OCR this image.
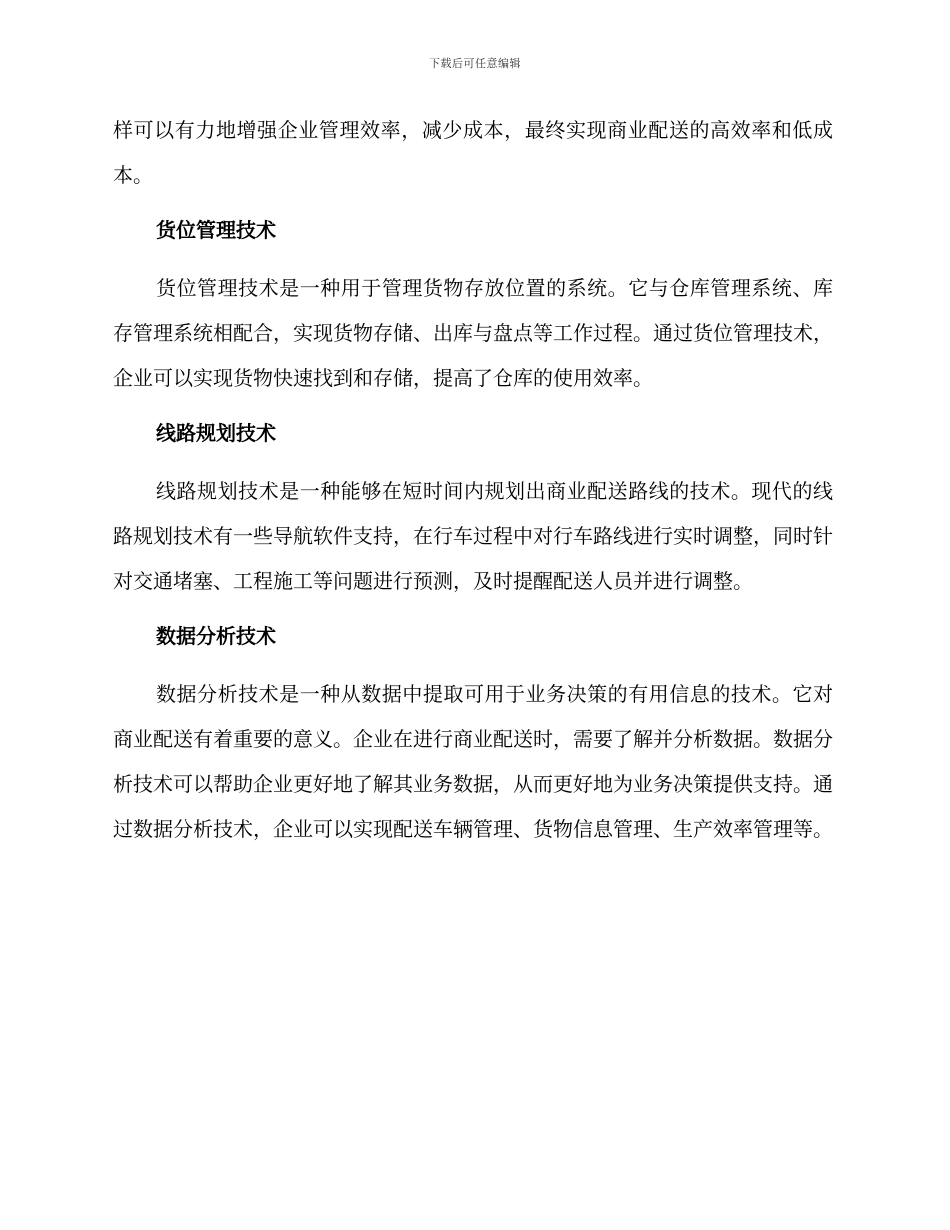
下载后可任意编辑

样可以有力地增强企业管理效率，减少成本，最终实现商业配送的高效率和低成本。

货位管理技术

货位管理技术是一种用于管理货物存放位置的系统。它与仓库管理系统、库存管理系统相配合，实现货物存储、出库与盘点等工作过程。通过货位管理技术，企业可以实现货物快速找到和存储，提高了仓库的使用效率。

线路规划技术

线路规划技术是一种能够在短时间内规划出商业配送路线的技术。现代的线路规划技术有一些导航软件支持，在行车过程中对行车路线进行实时调整，同时针对交通堵塞、工程施工等问题进行预测，及时提醒配送人员并进行调整。

数据分析技术

数据分析技术是一种从数据中提取可用于业务决策的有用信息的技术。它对商业配送有着重要的意义。企业在进行商业配送时，需要了解并分析数据。数据分析技术可以帮助企业更好地了解其业务数据，从而更好地为业务决策提供支持。通过数据分析技术，企业可以实现配送车辆管理、货物信息管理、生产效率管理等。
